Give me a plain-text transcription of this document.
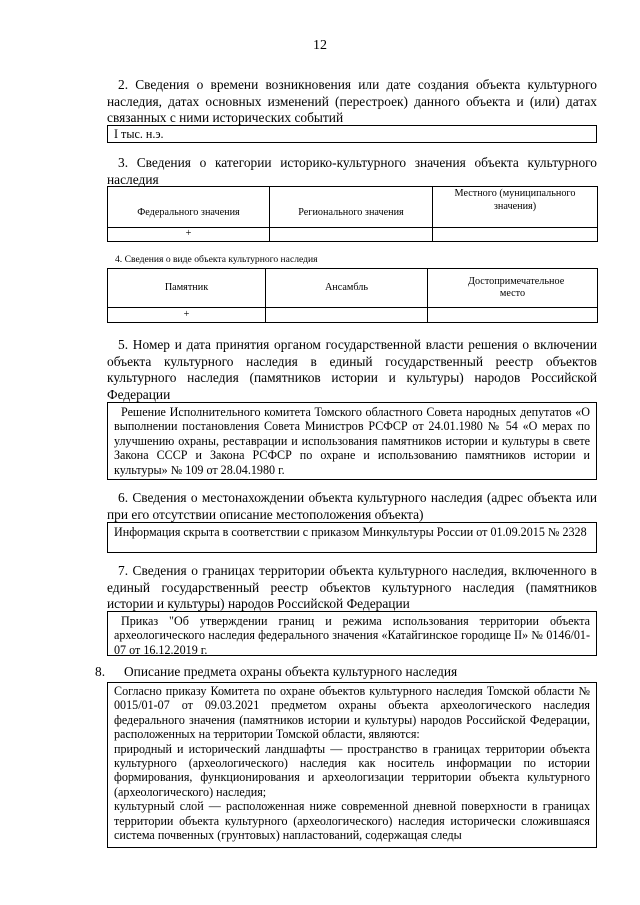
12
2. Сведения о времени возникновения или дате создания объекта культурного наследия, датах основных изменений (перестроек) данного объекта и (или) датах связанных с ними исторических событий
I тыс. н.э.
3. Сведения о категории историко-культурного значения объекта культурного наследия
Федерального значения	Регионального значения	Местного (муниципального значения)
+		
4. Сведения о виде объекта культурного наследия
Памятник	Ансамбль	Достопримечательное место
+		
5. Номер и дата принятия органом государственной власти решения о включении объекта культурного наследия в единый государственный реестр объектов культурного наследия (памятников истории и культуры) народов Российской Федерации

Решение Исполнительного комитета Томского областного Совета народных депутатов «О выполнении постановления Совета Министров РСФСР от 24.01.1980 № 54 «О мерах по улучшению охраны, реставрации и использования памятников истории и культуры в свете Закона СССР и Закона РСФСР по охране и использованию памятников истории и культуры» № 109 от 28.04.1980 г.

6. Сведения о местонахождении объекта культурного наследия (адрес объекта или при его отсутствии описание местоположения объекта)
Информация скрыта в соответствии с приказом Минкультуры России от 01.09.2015 № 2328
7. Сведения о границах территории объекта культурного наследия, включенного в единый государственный реестр объектов культурного наследия (памятников истории и культуры) народов Российской Федерации

Приказ "Об утверждении границ и режима использования территории объекта археологического наследия федерального значения «Катайгинское городище II» № 0146/01-07 от 16.12.2019 г.

8. Описание предмета охраны объекта культурного наследия

Согласно приказу Комитета по охране объектов культурного наследия Томской области № 0015/01-07 от 09.03.2021 предметом охраны объекта археологического наследия федерального значения (памятников истории и культуры) народов Российской Федерации, расположенных на территории Томской области, являются:

природный и исторический ландшафты — пространство в границах территории объекта культурного (археологического) наследия как носитель информации по истории формирования, функционирования и археологизации территории объекта культурного (археологического) наследия;

культурный слой — расположенная ниже современной дневной поверхности в границах территории объекта культурного (археологического) наследия исторически сложившаяся система почвенных (грунтовых) напластований, содержащая следы
